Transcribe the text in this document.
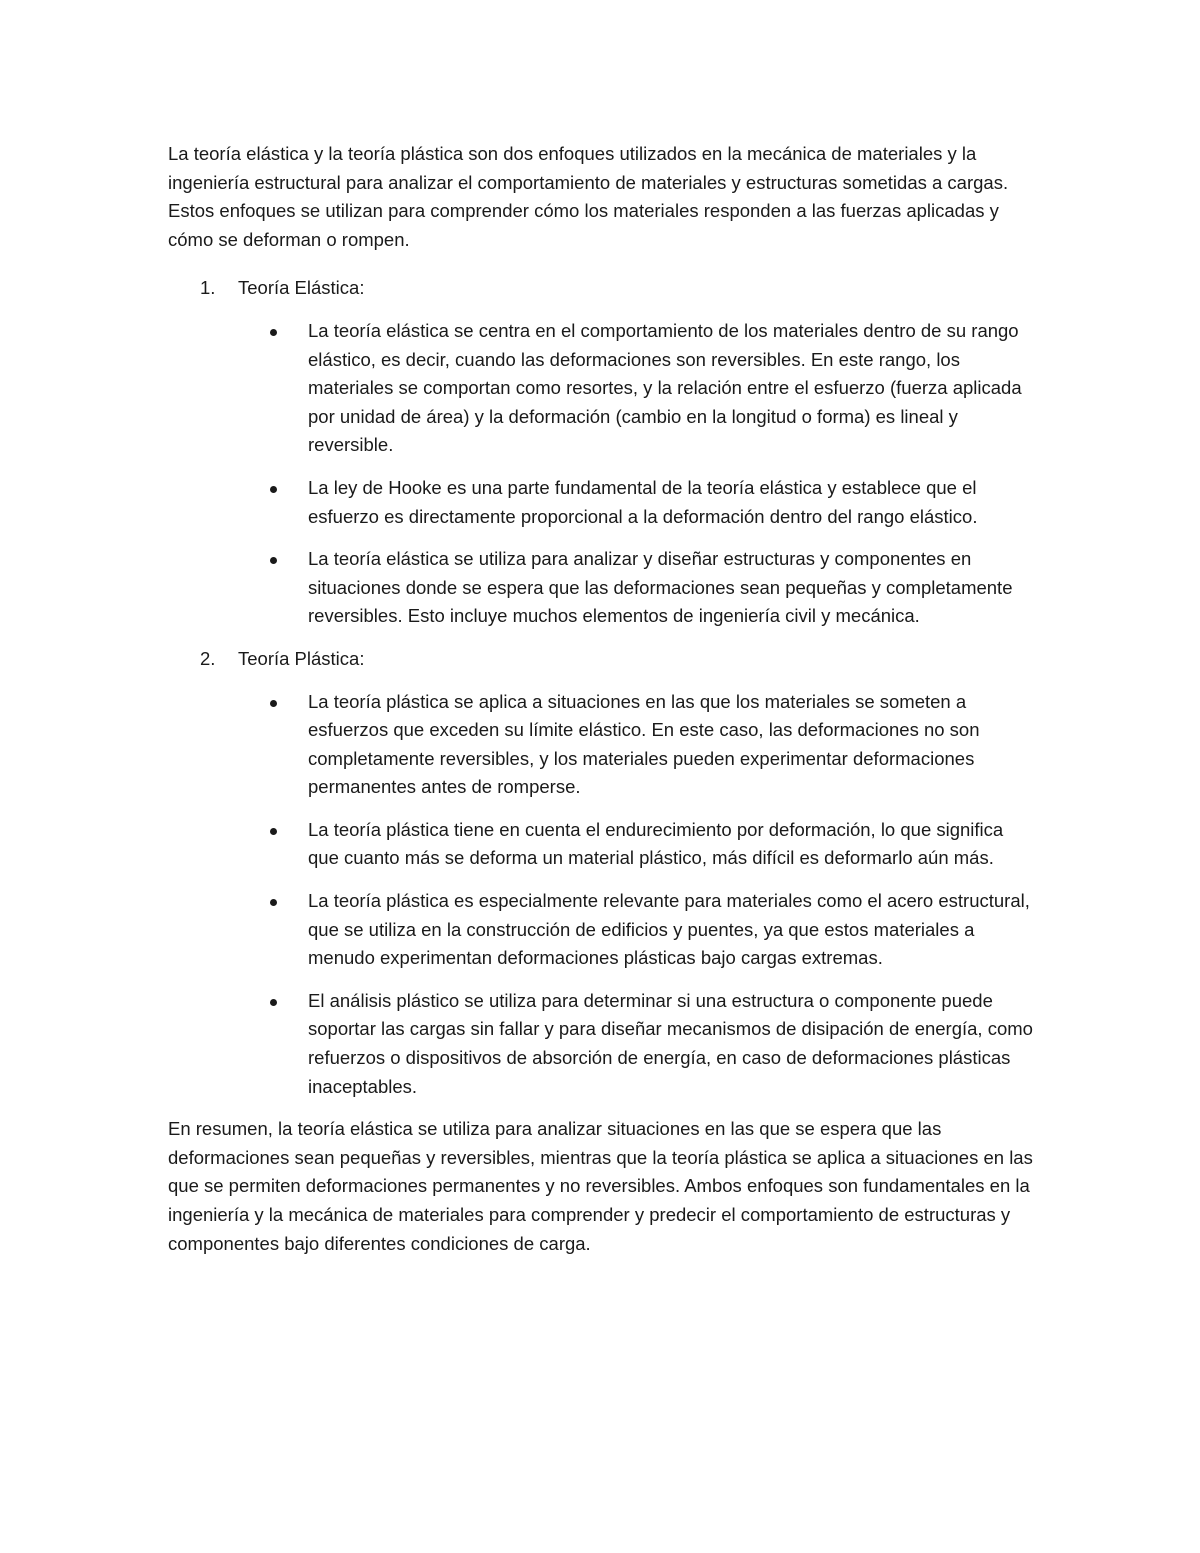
La teoría elástica y la teoría plástica son dos enfoques utilizados en la mecánica de materiales y la ingeniería estructural para analizar el comportamiento de materiales y estructuras sometidas a cargas. Estos enfoques se utilizan para comprender cómo los materiales responden a las fuerzas aplicadas y cómo se deforman o rompen.

1.	Teoría Elástica:
La teoría elástica se centra en el comportamiento de los materiales dentro de su rango elástico, es decir, cuando las deformaciones son reversibles. En este rango, los materiales se comportan como resortes, y la relación entre el esfuerzo (fuerza aplicada por unidad de área) y la deformación (cambio en la longitud o forma) es lineal y reversible.
La ley de Hooke es una parte fundamental de la teoría elástica y establece que el esfuerzo es directamente proporcional a la deformación dentro del rango elástico.
La teoría elástica se utiliza para analizar y diseñar estructuras y componentes en situaciones donde se espera que las deformaciones sean pequeñas y completamente reversibles. Esto incluye muchos elementos de ingeniería civil y mecánica.
2.	Teoría Plástica:
La teoría plástica se aplica a situaciones en las que los materiales se someten a esfuerzos que exceden su límite elástico. En este caso, las deformaciones no son completamente reversibles, y los materiales pueden experimentar deformaciones permanentes antes de romperse.
La teoría plástica tiene en cuenta el endurecimiento por deformación, lo que significa que cuanto más se deforma un material plástico, más difícil es deformarlo aún más.
La teoría plástica es especialmente relevante para materiales como el acero estructural, que se utiliza en la construcción de edificios y puentes, ya que estos materiales a menudo experimentan deformaciones plásticas bajo cargas extremas.
El análisis plástico se utiliza para determinar si una estructura o componente puede soportar las cargas sin fallar y para diseñar mecanismos de disipación de energía, como refuerzos o dispositivos de absorción de energía, en caso de deformaciones plásticas inaceptables.

En resumen, la teoría elástica se utiliza para analizar situaciones en las que se espera que las deformaciones sean pequeñas y reversibles, mientras que la teoría plástica se aplica a situaciones en las que se permiten deformaciones permanentes y no reversibles. Ambos enfoques son fundamentales en la ingeniería y la mecánica de materiales para comprender y predecir el comportamiento de estructuras y componentes bajo diferentes condiciones de carga.
